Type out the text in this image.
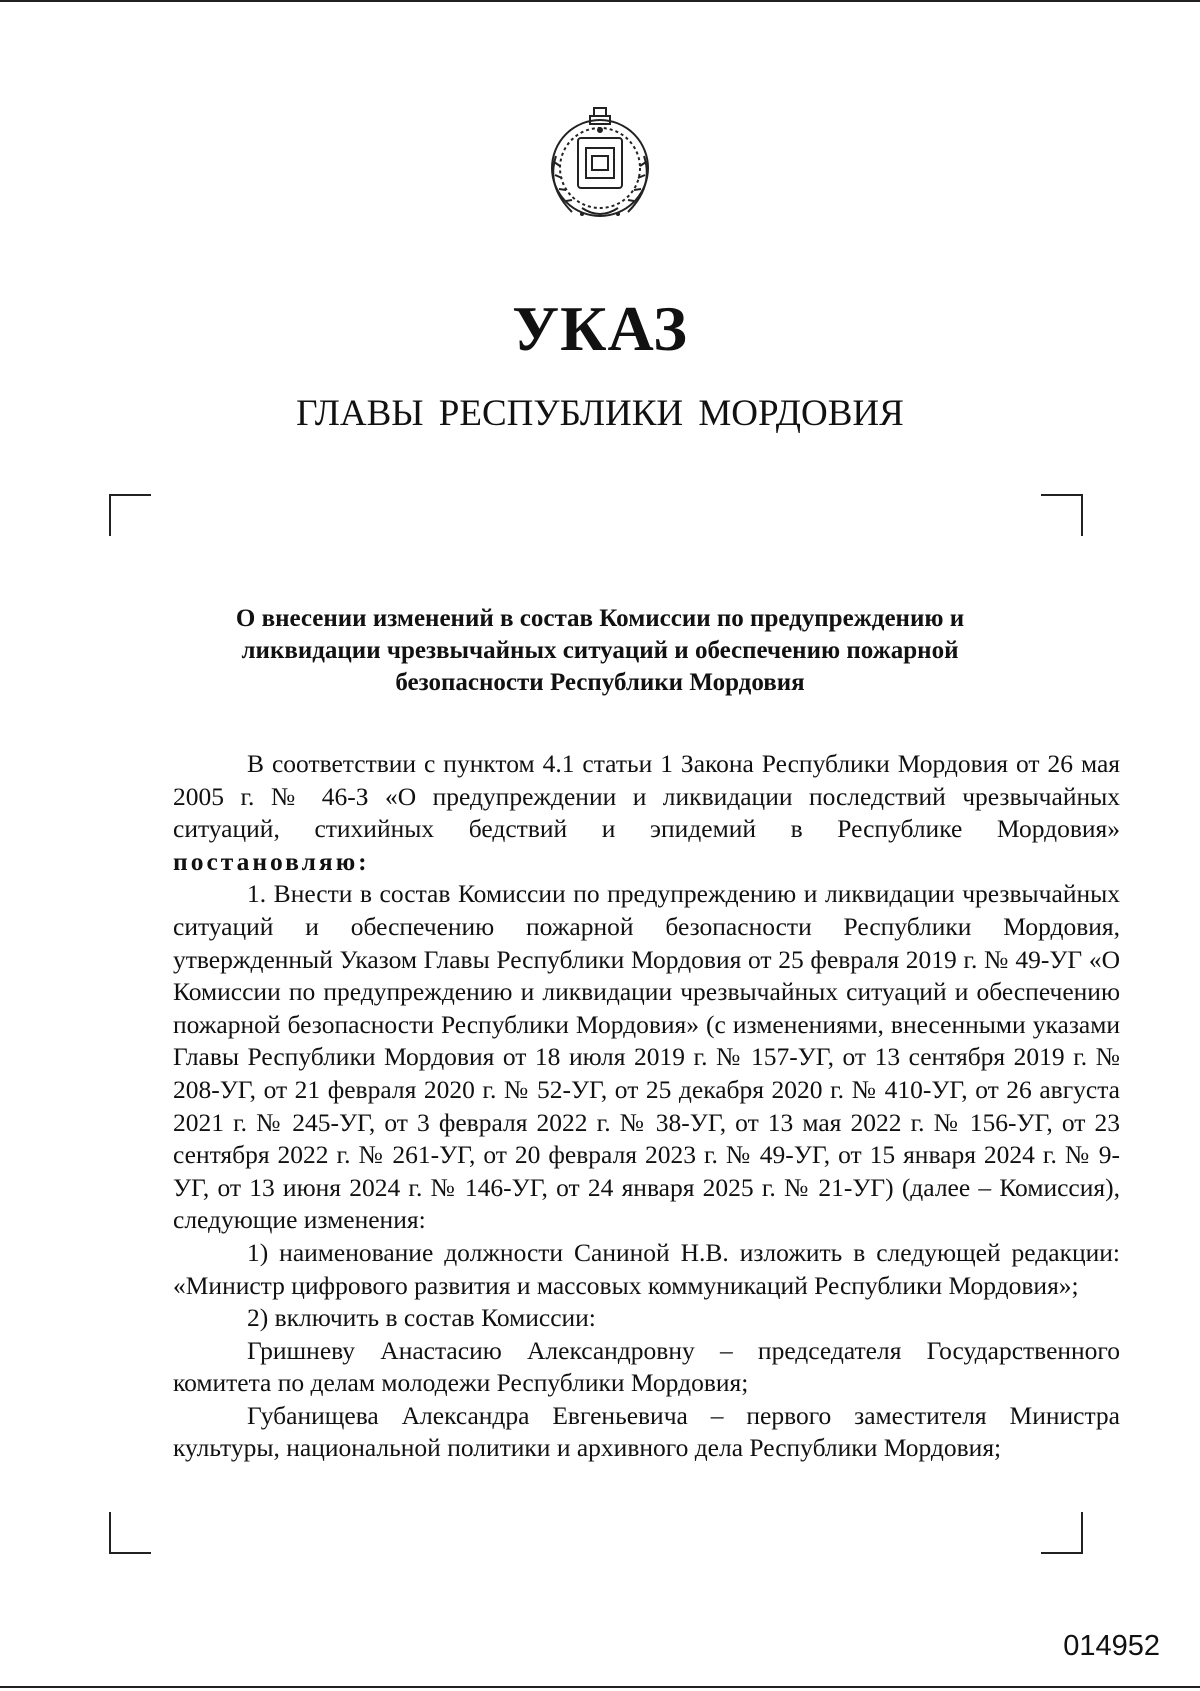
УКАЗ
ГЛАВЫ РЕСПУБЛИКИ МОРДОВИЯ
О внесении изменений в состав Комиссии по предупреждению и
ликвидации чрезвычайных ситуаций и обеспечению пожарной
безопасности Республики Мордовия

В соответствии с пунктом 4.1 статьи 1 Закона Республики Мордовия от 26 мая 2005 г. № 46-З «О предупреждении и ликвидации последствий чрезвычайных ситуаций, стихийных бедствий и эпидемий в Республике Мордовия» постановляю:

1. Внести в состав Комиссии по предупреждению и ликвидации чрезвычайных ситуаций и обеспечению пожарной безопасности Республики Мордовия, утвержденный Указом Главы Республики Мордовия от 25 февраля 2019 г. № 49-УГ «О Комиссии по предупреждению и ликвидации чрезвычайных ситуаций и обеспечению пожарной безопасности Республики Мордовия» (с изменениями, внесенными указами Главы Республики Мордовия от 18 июля 2019 г. № 157-УГ, от 13 сентября 2019 г. № 208-УГ, от 21 февраля 2020 г. № 52-УГ, от 25 декабря 2020 г. № 410-УГ, от 26 августа 2021 г. № 245-УГ, от 3 февраля 2022 г. № 38-УГ, от 13 мая 2022 г. № 156-УГ, от 23 сентября 2022 г. № 261-УГ, от 20 февраля 2023 г. № 49-УГ, от 15 января 2024 г. № 9-УГ, от 13 июня 2024 г. № 146-УГ, от 24 января 2025 г. № 21-УГ) (далее – Комиссия), следующие изменения:

1) наименование должности Саниной Н.В. изложить в следующей редакции: «Министр цифрового развития и массовых коммуникаций Республики Мордовия»;

2) включить в состав Комиссии:

Гришневу Анастасию Александровну – председателя Государственного комитета по делам молодежи Республики Мордовия;

Губанищева Александра Евгеньевича – первого заместителя Министра культуры, национальной политики и архивного дела Республики Мордовия;

014952
